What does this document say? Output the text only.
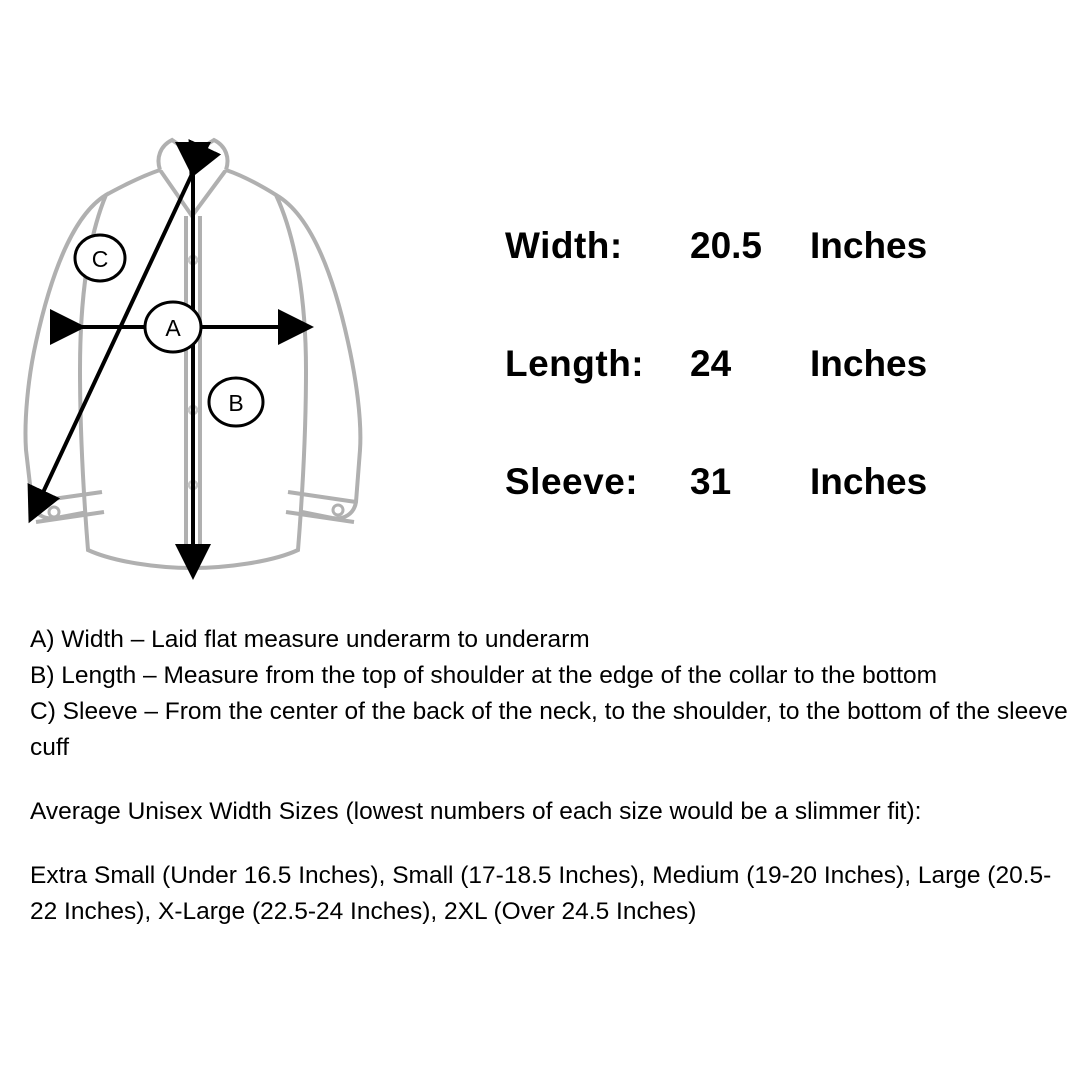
A
B
C	Width:	20.5	Inches
Length:	24	Inches
Sleeve:	31	Inches
A) Width – Laid flat measure underarm to underarm
B) Length – Measure from the top of shoulder at the edge of the collar to the bottom
C) Sleeve – From the center of the back of the neck, to the shoulder, to the bottom of the sleeve cuff
Average Unisex Width Sizes (lowest numbers of each size would be a slimmer fit):
Extra Small (Under 16.5 Inches), Small (17-18.5 Inches), Medium (19-20 Inches), Large (20.5-22 Inches), X-Large (22.5-24 Inches), 2XL (Over 24.5 Inches)
